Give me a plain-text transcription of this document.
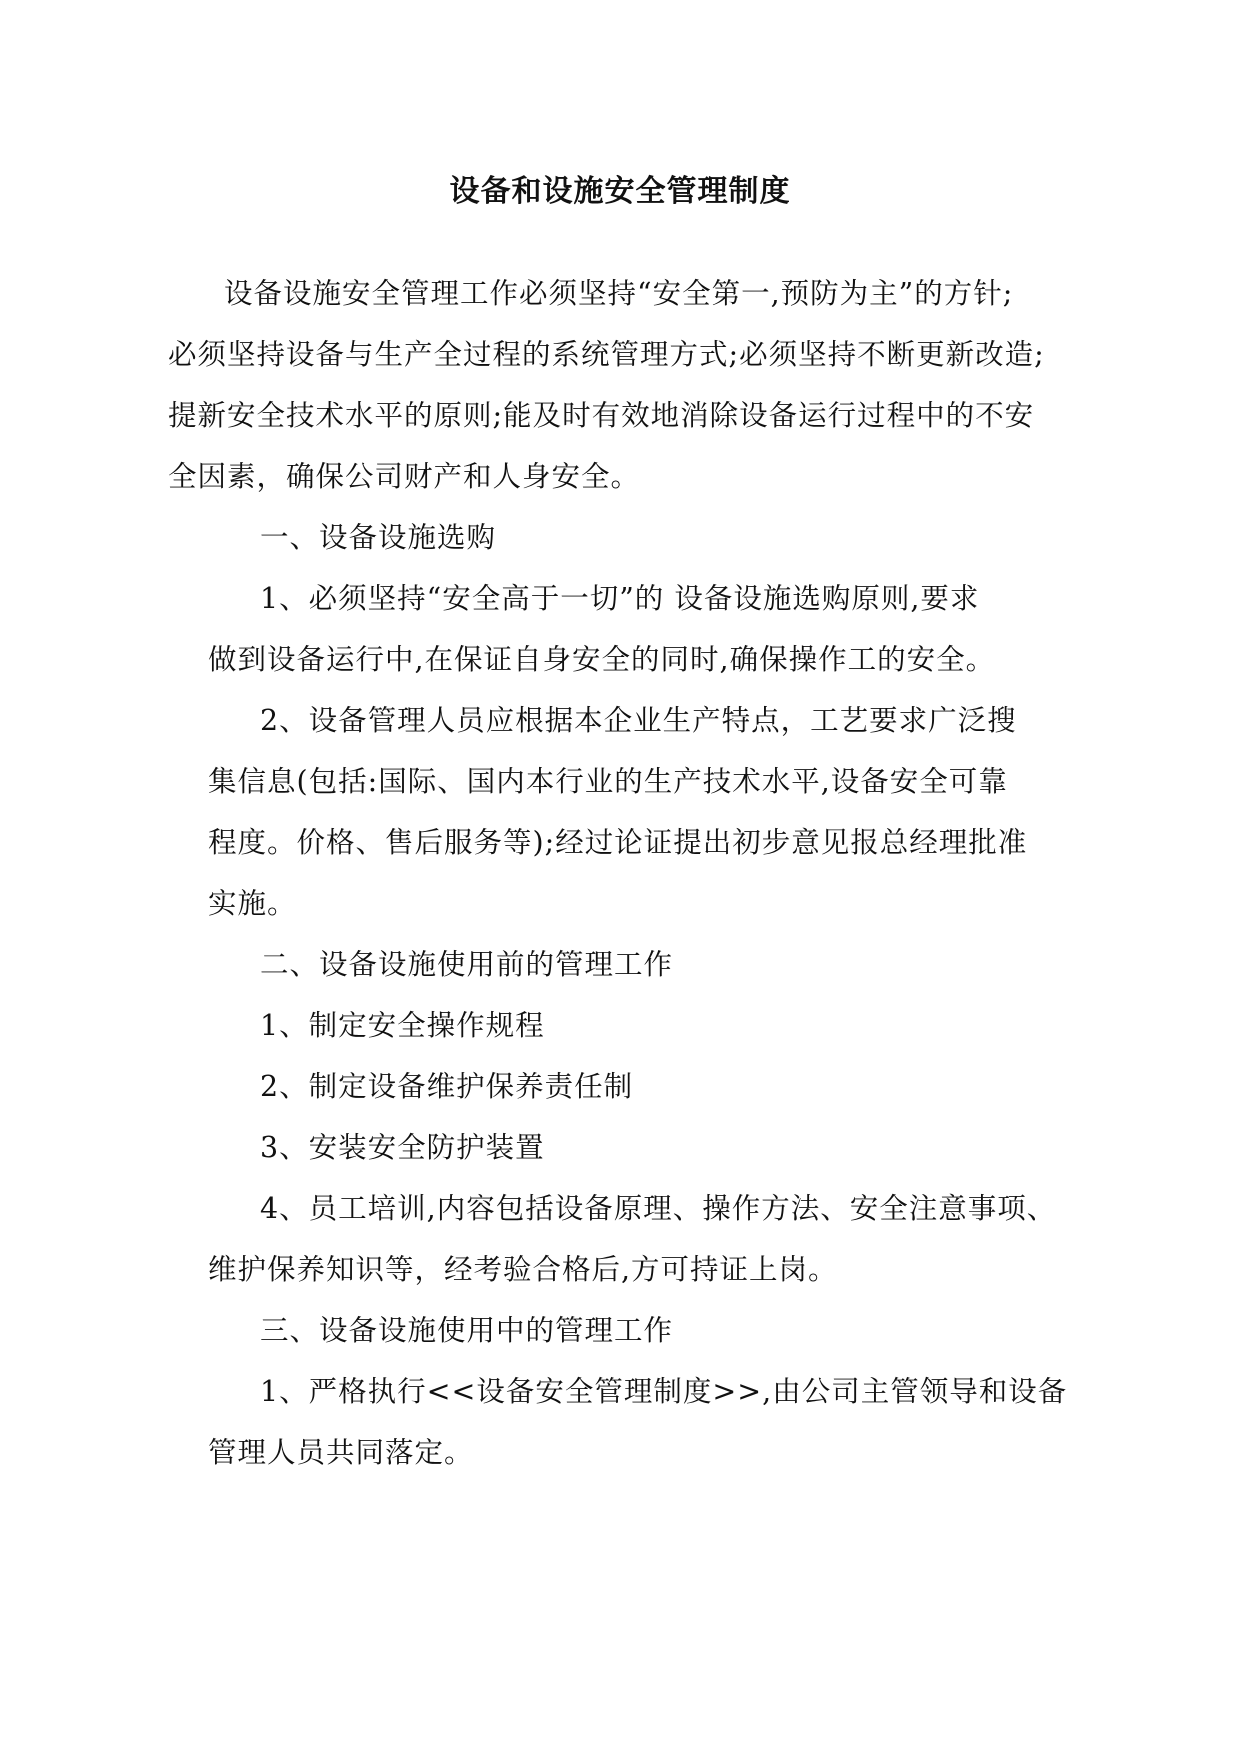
设备和设施安全管理制度
设备设施安全管理工作必须坚持“安全第一,预防为主”的方针;
必须坚持设备与生产全过程的系统管理方式;必须坚持不断更新改造;
提新安全技术水平的原则;能及时有效地消除设备运行过程中的不安
全因素，确保公司财产和人身安全。
一、设备设施选购
1、必须坚持“安全高于一切”的 设备设施选购原则,要求
做到设备运行中,在保证自身安全的同时,确保操作工的安全。
2、设备管理人员应根据本企业生产特点，工艺要求广泛搜
集信息(包括:国际、国内本行业的生产技术水平,设备安全可靠
程度。价格、售后服务等);经过论证提出初步意见报总经理批准
实施。
二、设备设施使用前的管理工作
1、制定安全操作规程
2、制定设备维护保养责任制
3、安装安全防护装置
4、员工培训,内容包括设备原理、操作方法、安全注意事项、
维护保养知识等，经考验合格后,方可持证上岗。
三、设备设施使用中的管理工作
1、严格执行<<设备安全管理制度>>,由公司主管领导和设备
管理人员共同落定。
